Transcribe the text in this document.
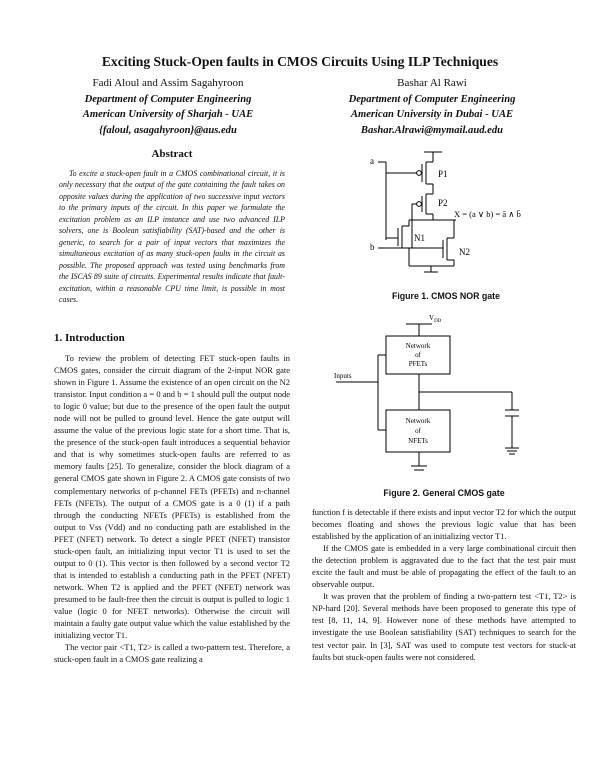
Exciting Stuck-Open faults in CMOS Circuits Using ILP Techniques
Fadi Aloul and Assim Sagahyroon
Department of Computer Engineering
American University of Sharjah - UAE
{faloul, asagahyroon}@aus.edu
Bashar Al Rawi
Department of Computer Engineering
American University in Dubai - UAE
Bashar.Alrawi@mymail.aud.edu
Abstract

To excite a stuck-open fault in a CMOS combinational circuit, it is only necessary that the output of the gate containing the fault takes on opposite values during the application of two successive input vectors to the primary inputs of the circuit. In this paper we formulate the excitation problem as an ILP instance and use two advanced ILP solvers, one is Boolean satisfiability (SAT)-based and the other is generic, to search for a pair of input vectors that maximizes the simultaneous excitation of as many stuck-open faults in the circuit as possible. The proposed approach was tested using benchmarks from the ISCAS 89 suite of circuits. Experimental results indicate that fault-excitation, within a reasonable CPU time limit, is possible in most cases.

1. Introduction

To review the problem of detecting FET stuck-open faults in CMOS gates, consider the circuit diagram of the 2-input NOR gate shown in Figure 1. Assume the existence of an open circuit on the N2 transistor. Input condition a = 0 and b = 1 should pull the output node to logic 0 value; but due to the presence of the open fault the output node will not be pulled to ground level. Hence the gate output will assume the value of the previous logic state for a short time. That is, the presence of the stuck-open fault introduces a sequential behavior and that is why sometimes stuck-open faults are referred to as memory faults [25]. To generalize, consider the block diagram of a general CMOS gate shown in Figure 2. A CMOS gate consists of two complementary networks of p-channel FETs (PFETs) and n-channel FETs (NFETs). The output of a CMOS gate is a 0 (1) if a path through the conducting NFETs (PFETs) is established from the output to Vss (Vdd) and no conducting path are established in the PFET (NFET) network. To detect a single PFET (NFET) transistor stuck-open fault, an initializing input vector T1 is used to set the output to 0 (1). This vector is then followed by a second vector T2 that is intended to establish a conducting path in the PFET (NFET) network. When T2 is applied and the PFET (NFET) network was presumed to be fault-free then the circuit is output is pulled to logic 1 value (logic 0 for NFET networks). Otherwise the circuit will maintain a faulty gate output value which the value established by the initializing vector T1.

The vector pair <T1, T2> is called a two-pattern test. Therefore, a stuck-open fault in a CMOS gate realizing a

a
b
P1
P2
N1
N2
X = (a ∨ b) = ā ∧ b̄
Figure 1. CMOS NOR gate
$V_{DD}$
Inputs
Network
of
PFETs
Network
of
NFETs
Figure 2. General CMOS gate

function f is detectable if there exists and input vector T2 for which the output becomes floating and shows the previous logic value that has been established by the application of an initializing vector T1.

If the CMOS gate is embedded in a very large combinational circuit then the detection problem is aggravated due to the fact that the test pair must excite the fault and must be able of propagating the effect of the fault to an observable output.

It was proven that the problem of finding a two-pattern test <T1, T2> is NP-hard [20]. Several methods have been proposed to generate this type of test [8, 11, 14, 9]. However none of these methods have attempted to investigate the use Boolean satisfiability (SAT) techniques to search for the test vector pair. In [3], SAT was used to compute test vectors for stuck-at faults but stuck-open faults were not considered.
